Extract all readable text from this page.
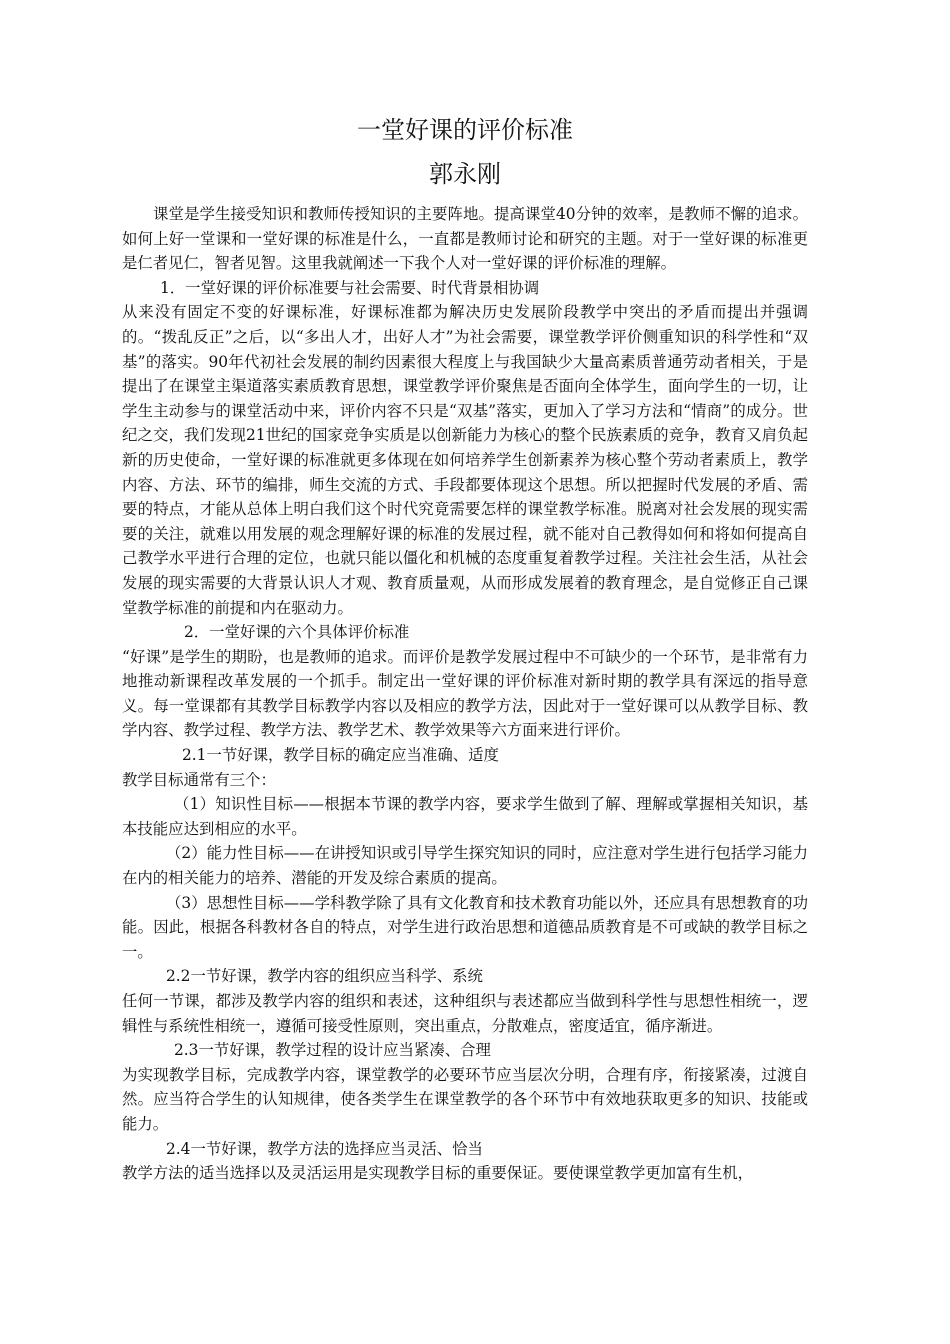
一堂好课的评价标准
郭永刚

课堂是学生接受知识和教师传授知识的主要阵地。提高课堂40分钟的效率，是教师不懈的追求。如何上好一堂课和一堂好课的标准是什么，一直都是教师讨论和研究的主题。对于一堂好课的标准更是仁者见仁，智者见智。这里我就阐述一下我个人对一堂好课的评价标准的理解。

1．一堂好课的评价标准要与社会需要、时代背景相协调

从来没有固定不变的好课标准，好课标准都为解决历史发展阶段教学中突出的矛盾而提出并强调的。“拨乱反正”之后，以“多出人才，出好人才”为社会需要，课堂教学评价侧重知识的科学性和“双基”的落实。90年代初社会发展的制约因素很大程度上与我国缺少大量高素质普通劳动者相关，于是提出了在课堂主渠道落实素质教育思想，课堂教学评价聚焦是否面向全体学生，面向学生的一切，让学生主动参与的课堂活动中来，评价内容不只是“双基”落实，更加入了学习方法和“情商”的成分。世纪之交，我们发现21世纪的国家竞争实质是以创新能力为核心的整个民族素质的竞争，教育又肩负起新的历史使命，一堂好课的标准就更多体现在如何培养学生创新素养为核心整个劳动者素质上，教学内容、方法、环节的编排，师生交流的方式、手段都要体现这个思想。所以把握时代发展的矛盾、需要的特点，才能从总体上明白我们这个时代究竟需要怎样的课堂教学标准。脱离对社会发展的现实需要的关注，就难以用发展的观念理解好课的标准的发展过程，就不能对自己教得如何和将如何提高自己教学水平进行合理的定位，也就只能以僵化和机械的态度重复着教学过程。关注社会生活，从社会发展的现实需要的大背景认识人才观、教育质量观，从而形成发展着的教育理念，是自觉修正自己课堂教学标准的前提和内在驱动力。

2．一堂好课的六个具体评价标准

“好课”是学生的期盼，也是教师的追求。而评价是教学发展过程中不可缺少的一个环节，是非常有力地推动新课程改革发展的一个抓手。制定出一堂好课的评价标准对新时期的教学具有深远的指导意义。每一堂课都有其教学目标教学内容以及相应的教学方法，因此对于一堂好课可以从教学目标、教学内容、教学过程、教学方法、教学艺术、教学效果等六方面来进行评价。

2.1一节好课，教学目标的确定应当准确、适度

教学目标通常有三个：

（1）知识性目标——根据本节课的教学内容，要求学生做到了解、理解或掌握相关知识，基本技能应达到相应的水平。

（2）能力性目标——在讲授知识或引导学生探究知识的同时，应注意对学生进行包括学习能力在内的相关能力的培养、潜能的开发及综合素质的提高。

（3）思想性目标——学科教学除了具有文化教育和技术教育功能以外，还应具有思想教育的功能。因此，根据各科教材各自的特点，对学生进行政治思想和道德品质教育是不可或缺的教学目标之一。

2.2一节好课，教学内容的组织应当科学、系统

任何一节课，都涉及教学内容的组织和表述，这种组织与表述都应当做到科学性与思想性相统一，逻辑性与系统性相统一，遵循可接受性原则，突出重点，分散难点，密度适宜，循序渐进。

2.3一节好课，教学过程的设计应当紧凑、合理

为实现教学目标，完成教学内容，课堂教学的必要环节应当层次分明，合理有序，衔接紧凑，过渡自然。应当符合学生的认知规律，使各类学生在课堂教学的各个环节中有效地获取更多的知识、技能或能力。

2.4一节好课，教学方法的选择应当灵活、恰当

教学方法的适当选择以及灵活运用是实现教学目标的重要保证。要使课堂教学更加富有生机，
